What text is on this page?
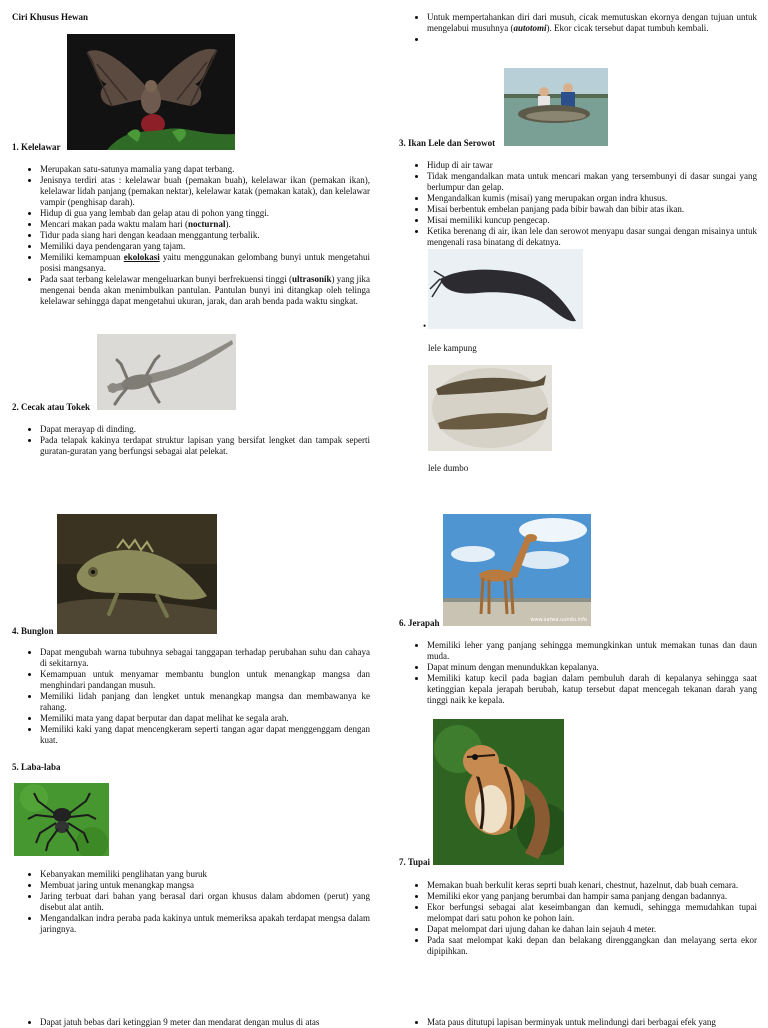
Ciri Khusus Hewan
1. Kelelawar
• Merupakan satu-satunya mamalia yang dapat terbang.
• Jenisnya terdiri atas : kelelawar buah (pemakan buah), kelelawar ikan (pemakan ikan), kelelawar lidah panjang (pemakan nektar), kelelawar katak (pemakan katak), dan kelelawar vampir (penghisap darah).
• Hidup di gua yang lembab dan gelap atau di pohon yang tinggi.
• Mencari makan pada waktu malam hari (nocturnal).
• Tidur pada siang hari dengan keadaan menggantung terbalik.
• Memiliki daya pendengaran yang tajam.
• Memiliki kemampuan ekolokasi yaitu menggunakan gelombang bunyi untuk mengetahui posisi mangsanya.
• Pada saat terbang kelelawar mengeluarkan bunyi berfrekuensi tinggi (ultrasonik) yang jika mengenai benda akan menimbulkan pantulan. Pantulan bunyi ini ditangkap oleh telinga kelelawar sehingga dapat mengetahui ukuran, jarak, dan arah benda pada waktu singkat.
2. Cecak atau Tokek
• Dapat merayap di dinding.
• Pada telapak kakinya terdapat struktur lapisan yang bersifat lengket dan tampak seperti guratan-guratan yang berfungsi sebagai alat pelekat.
4. Bunglon
• Dapat mengubah warna tubuhnya sebagai tanggapan terhadap perubahan suhu dan cahaya di sekitarnya.
• Kemampuan untuk menyamar membantu bunglon untuk menangkap mangsa dan menghindari pandangan musuh.
• Memiliki lidah panjang dan lengket untuk menangkap mangsa dan membawanya ke rahang.
• Memiliki mata yang dapat berputar dan dapat melihat ke segala arah.
• Memiliki kaki yang dapat mencengkeram seperti tangan agar dapat menggenggam dengan kuat.
5. Laba-laba
• Kebanyakan memiliki penglihatan yang buruk
• Membuat jaring untuk menangkap mangsa
• Jaring terbuat dari bahan yang berasal dari organ khusus dalam abdomen (perut) yang disebut alat antih.
• Mengandalkan indra peraba pada kakinya untuk memeriksa apakah terdapat mengsa dalam jaringnya.
• Dapat jatuh bebas dari ketinggian 9 meter dan mendarat dengan mulus di atas
• Untuk mempertahankan diri dari musuh, cicak memutuskan ekornya dengan tujuan untuk mengelabui musuhnya (autotomi). Ekor cicak tersebut dapat tumbuh kembali.
•
3. Ikan Lele dan Serowot
• Hidup di air tawar
• Tidak mengandalkan mata untuk mencari makan yang tersembunyi di dasar sungai yang berlumpur dan gelap.
• Mengandalkan kumis (misai) yang merupakan organ indra khusus.
• Misai berbentuk embelan panjang pada bibir bawah dan bibir atas ikan.
• Misai memiliki kuncup pengecap.
• Ketika berenang di air, ikan lele dan serowot menyapu dasar sungai dengan misainya untuk mengenali rasa binatang di dekatnya.
•
lele kampung
lele dumbo
www.satwa.uundu.info
6. Jerapah
• Memiliki leher yang panjang sehingga memungkinkan untuk memakan tunas dan daun muda.
• Dapat minum dengan menundukkan kepalanya.
• Memiliki katup kecil pada bagian dalam pembuluh darah di kepalanya sehingga saat ketinggian kepala jerapah berubah, katup tersebut dapat mencegah tekanan darah yang tinggi naik ke kepala.
7. Tupai
• Memakan buah berkulit keras seprti buah kenari, chestnut, hazelnut, dab buah cemara.
• Memiliki ekor yang panjang berumbai dan hampir sama panjang dengan badannya.
• Ekor berfungsi sebagai alat keseimbangan dan kemudi, sehingga memudahkan tupai melompat dari satu pohon ke pohon lain.
• Dapat melompat dari ujung dahan ke dahan lain sejauh 4 meter.
• Pada saat melompat kaki depan dan belakang direnggangkan dan melayang serta ekor dipipihkan.
• Mata paus ditutupi lapisan berminyak untuk melindungi dari berbagai efek yang
